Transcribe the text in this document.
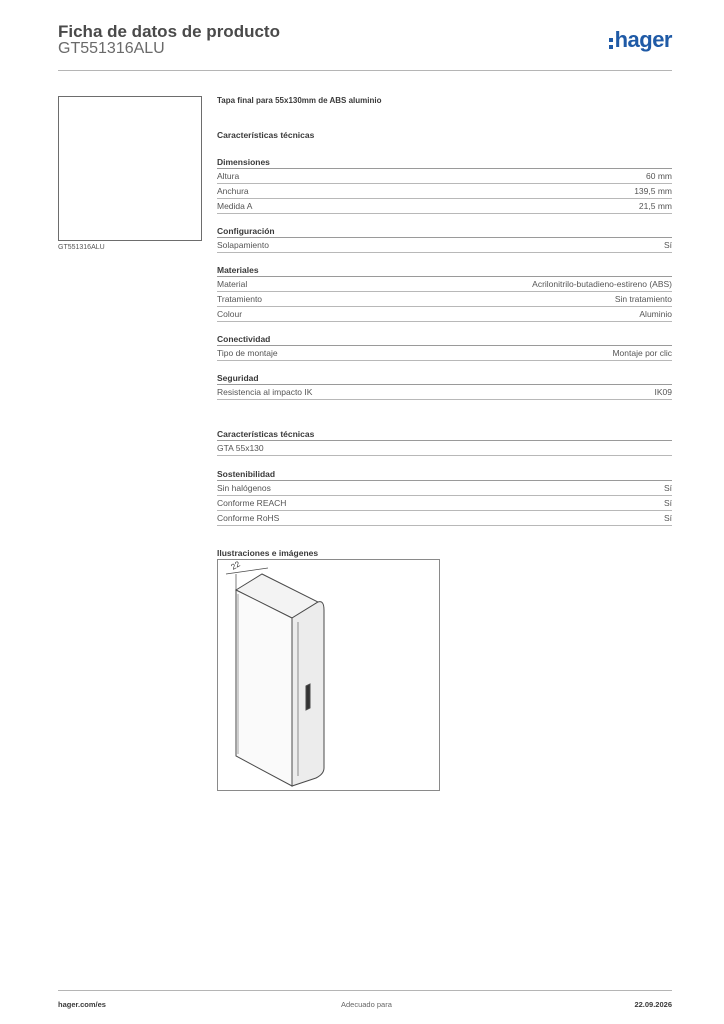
Ficha de datos de producto
GT551316ALU	hager
GT551316ALU
Tapa final para 55x130mm de ABS aluminio
Características técnicas
Dimensiones
Altura	60 mm
Anchura	139,5 mm
Medida A	21,5 mm
Configuración
Solapamiento	Sí
Materiales
Material	Acrilonitrilo-butadieno-estireno (ABS)
Tratamiento	Sin tratamiento
Colour	Aluminio
Conectividad
Tipo de montaje	Montaje por clic
Seguridad
Resistencia al impacto IK	IK09
Características técnicas
GTA 55x130
Sostenibilidad
Sin halógenos	Sí
Conforme REACH	Sí
Conforme RoHS	Sí
Ilustraciones e imágenes
22
hager.com/es	Adecuado para	22.09.2026
